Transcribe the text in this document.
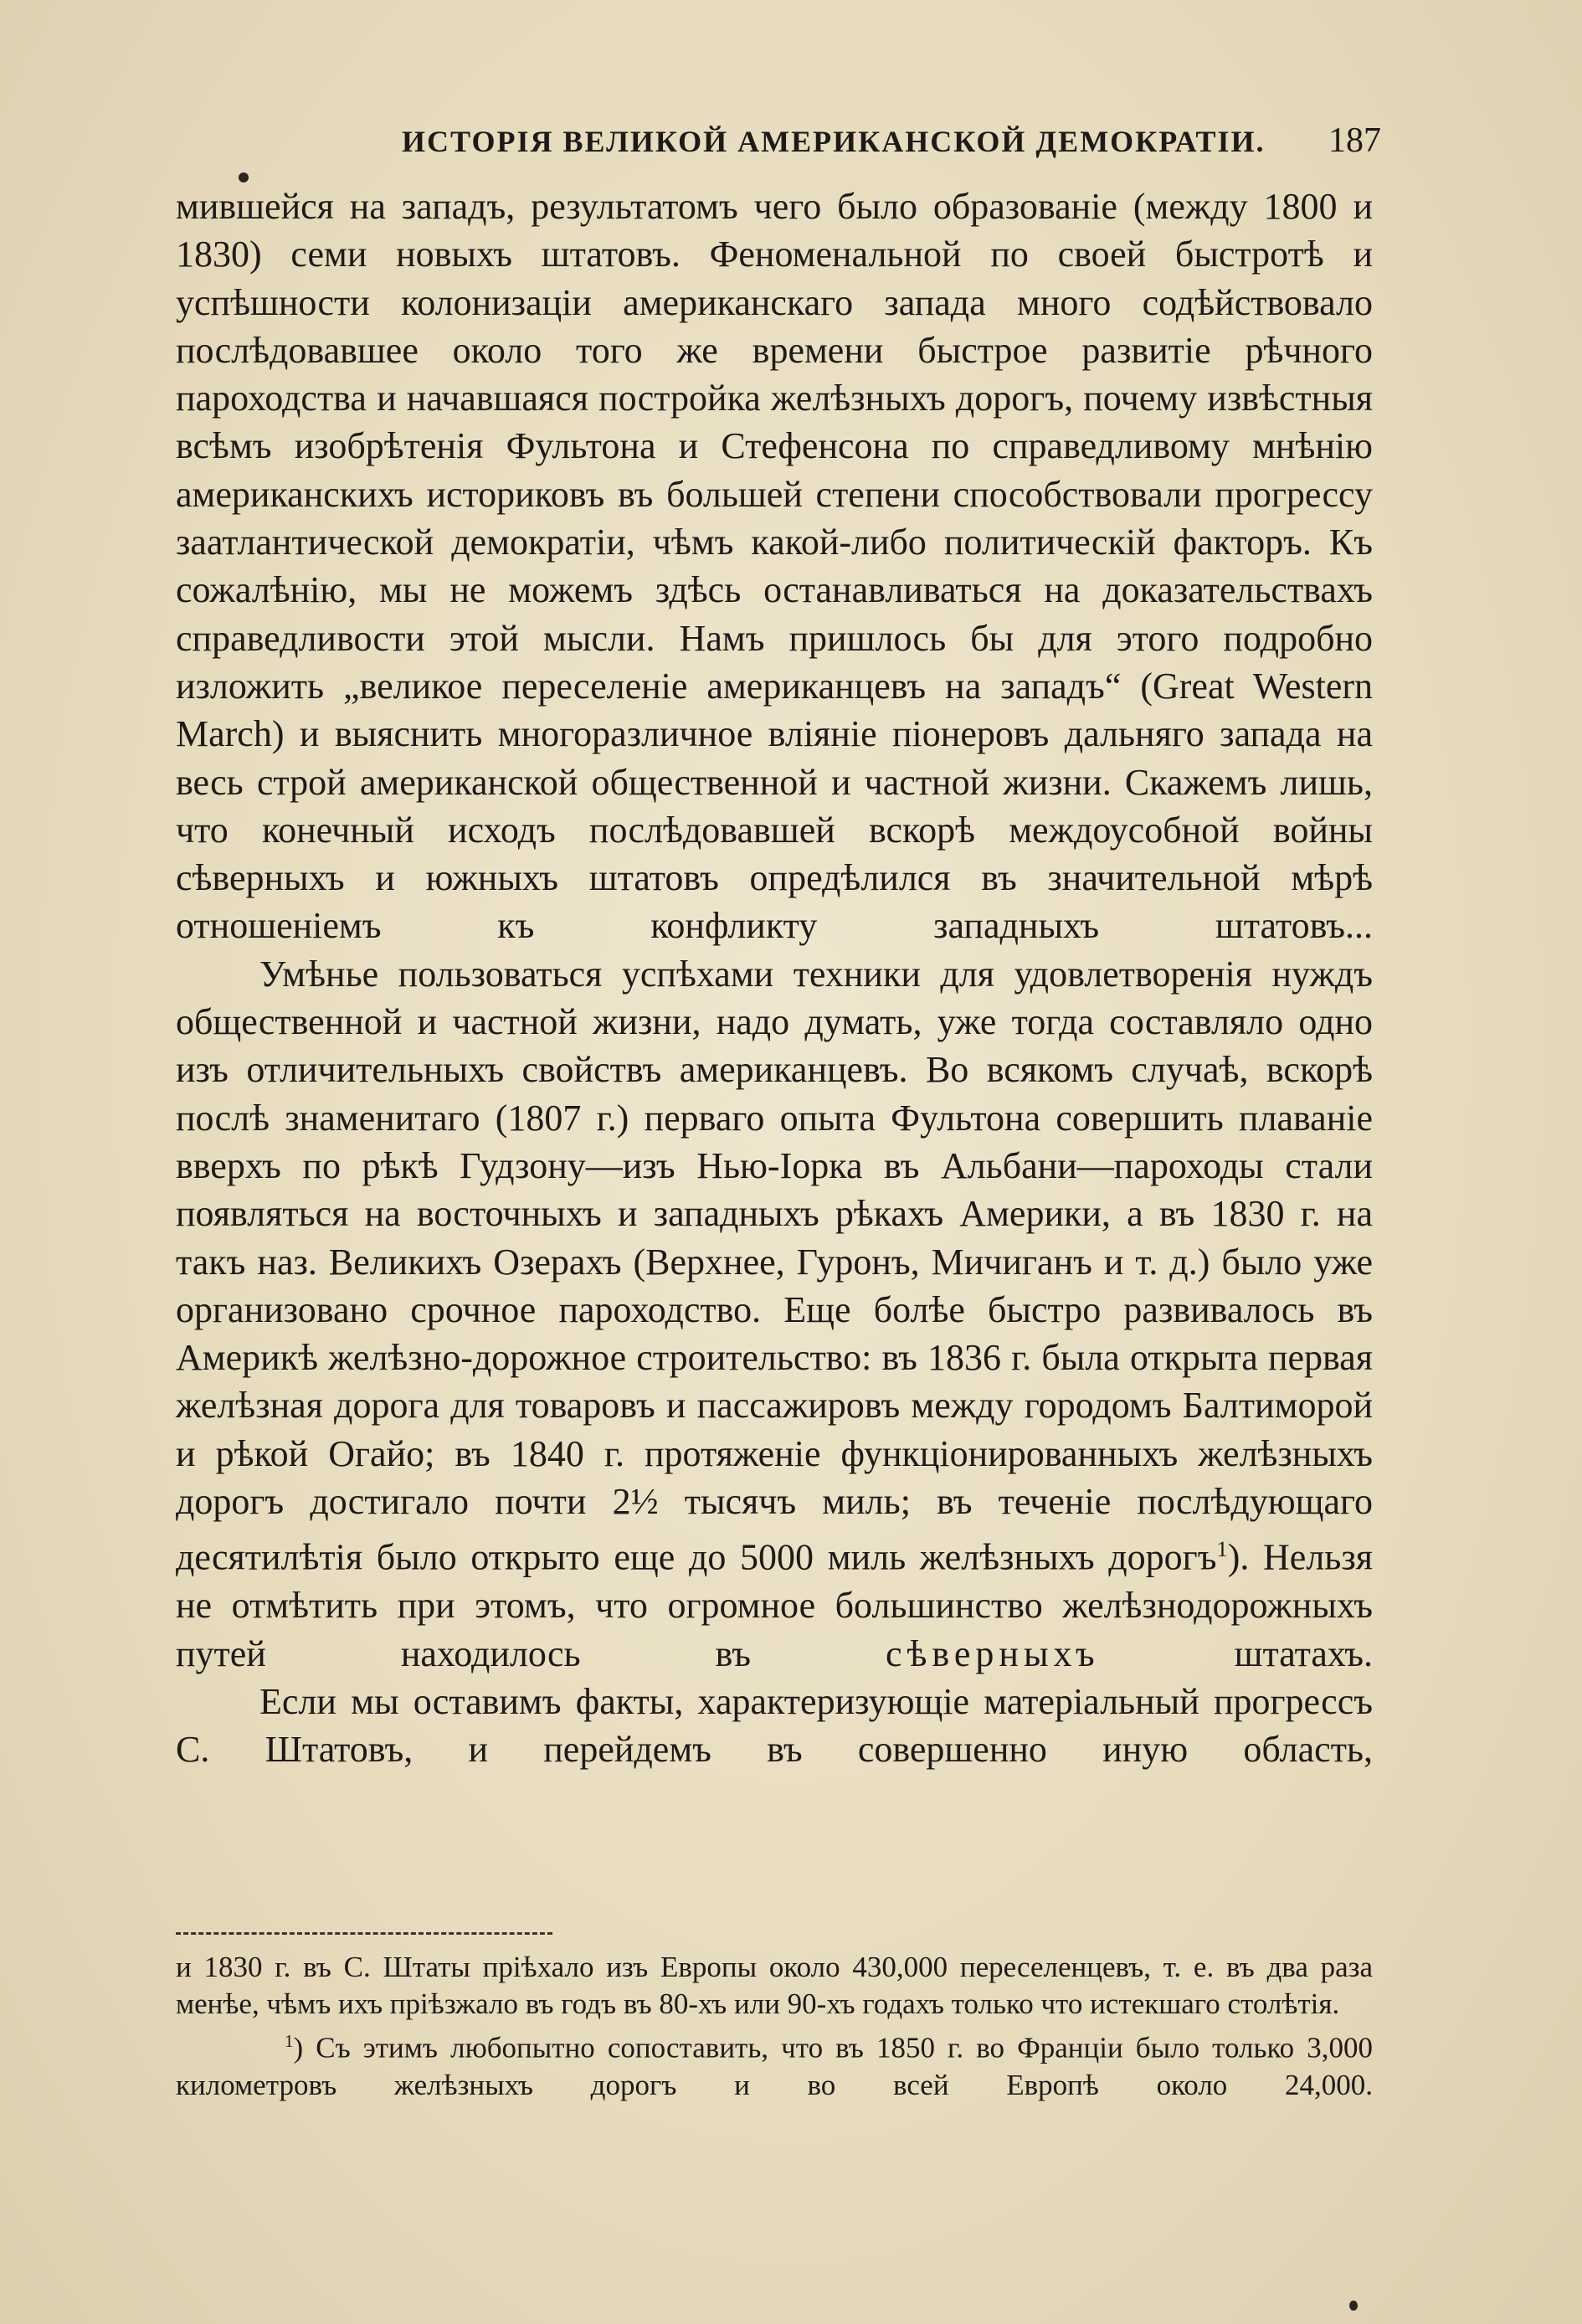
ИСТОРІЯ ВЕЛИКОЙ АМЕРИКАНСКОЙ ДЕМОКРАТІИ. 187

мившейся на западъ, результатомъ чего было образованіе (между 1800 и 1830) семи новыхъ штатовъ. Феноменальной по своей быстротѣ и успѣшности колонизаціи американскаго запада много содѣйствовало послѣдовавшее около того же времени быстрое развитіе рѣчного пароходства и начавшаяся постройка желѣзныхъ дорогъ, почему извѣстныя всѣмъ изобрѣтенія Фультона и Стефенсона по справедливому мнѣнію американскихъ историковъ въ большей степени способствовали прогрессу заатлантической демократіи, чѣмъ какой-либо политическій факторъ. Къ сожалѣнію, мы не можемъ здѣсь останавливаться на доказательствахъ справедливости этой мысли. Намъ пришлось бы для этого подробно изложить „великое переселеніе американцевъ на западъ“ (Great Western March) и выяснить многоразличное вліяніе піонеровъ дальняго запада на весь строй американской общественной и частной жизни. Скажемъ лишь, что конечный исходъ послѣдовавшей вскорѣ междоусобной войны сѣверныхъ и южныхъ штатовъ опредѣлился въ значительной мѣрѣ отношеніемъ къ конфликту западныхъ штатовъ...

Умѣнье пользоваться успѣхами техники для удовлетворенія нуждъ общественной и частной жизни, надо думать, уже тогда составляло одно изъ отличительныхъ свойствъ американцевъ. Во всякомъ случаѣ, вскорѣ послѣ знаменитаго (1807 г.) перваго опыта Фультона совершить плаваніе вверхъ по рѣкѣ Гудзону—изъ Нью-Іорка въ Альбани—пароходы стали появляться на восточныхъ и западныхъ рѣкахъ Америки, а въ 1830 г. на такъ наз. Великихъ Озерахъ (Верхнее, Гуронъ, Мичиганъ и т. д.) было уже организовано срочное пароходство. Еще болѣе быстро развивалось въ Америкѣ желѣзно-дорожное строительство: въ 1836 г. была открыта первая желѣзная дорога для товаровъ и пассажировъ между городомъ Балтиморой и рѣкой Огайо; въ 1840 г. протяженіе функціонированныхъ желѣзныхъ дорогъ достигало почти 2½ тысячъ миль; въ теченіе послѣдующаго десятилѣтія было открыто еще до 5000 миль желѣзныхъ дорогъ$^1$). Нельзя не отмѣтить при этомъ, что огромное большинство желѣзнодорожныхъ путей находилось въ	сѣверныхъ штатахъ.

Если мы оставимъ факты, характеризующіе матеріальный прогрессъ С. Штатовъ, и перейдемъ въ совершенно иную область,

и 1830 г. въ С. Штаты пріѣхало изъ Европы около 430,000 переселенцевъ, т. е. въ два раза менѣе, чѣмъ ихъ пріѣзжало въ годъ въ 80-хъ или 90-хъ годахъ только что истекшаго столѣтія.

$^1$) Съ этимъ любопытно сопоставить, что въ 1850 г. во Франціи было только 3,000 километровъ желѣзныхъ дорогъ и во всей Европѣ около 24,000.
